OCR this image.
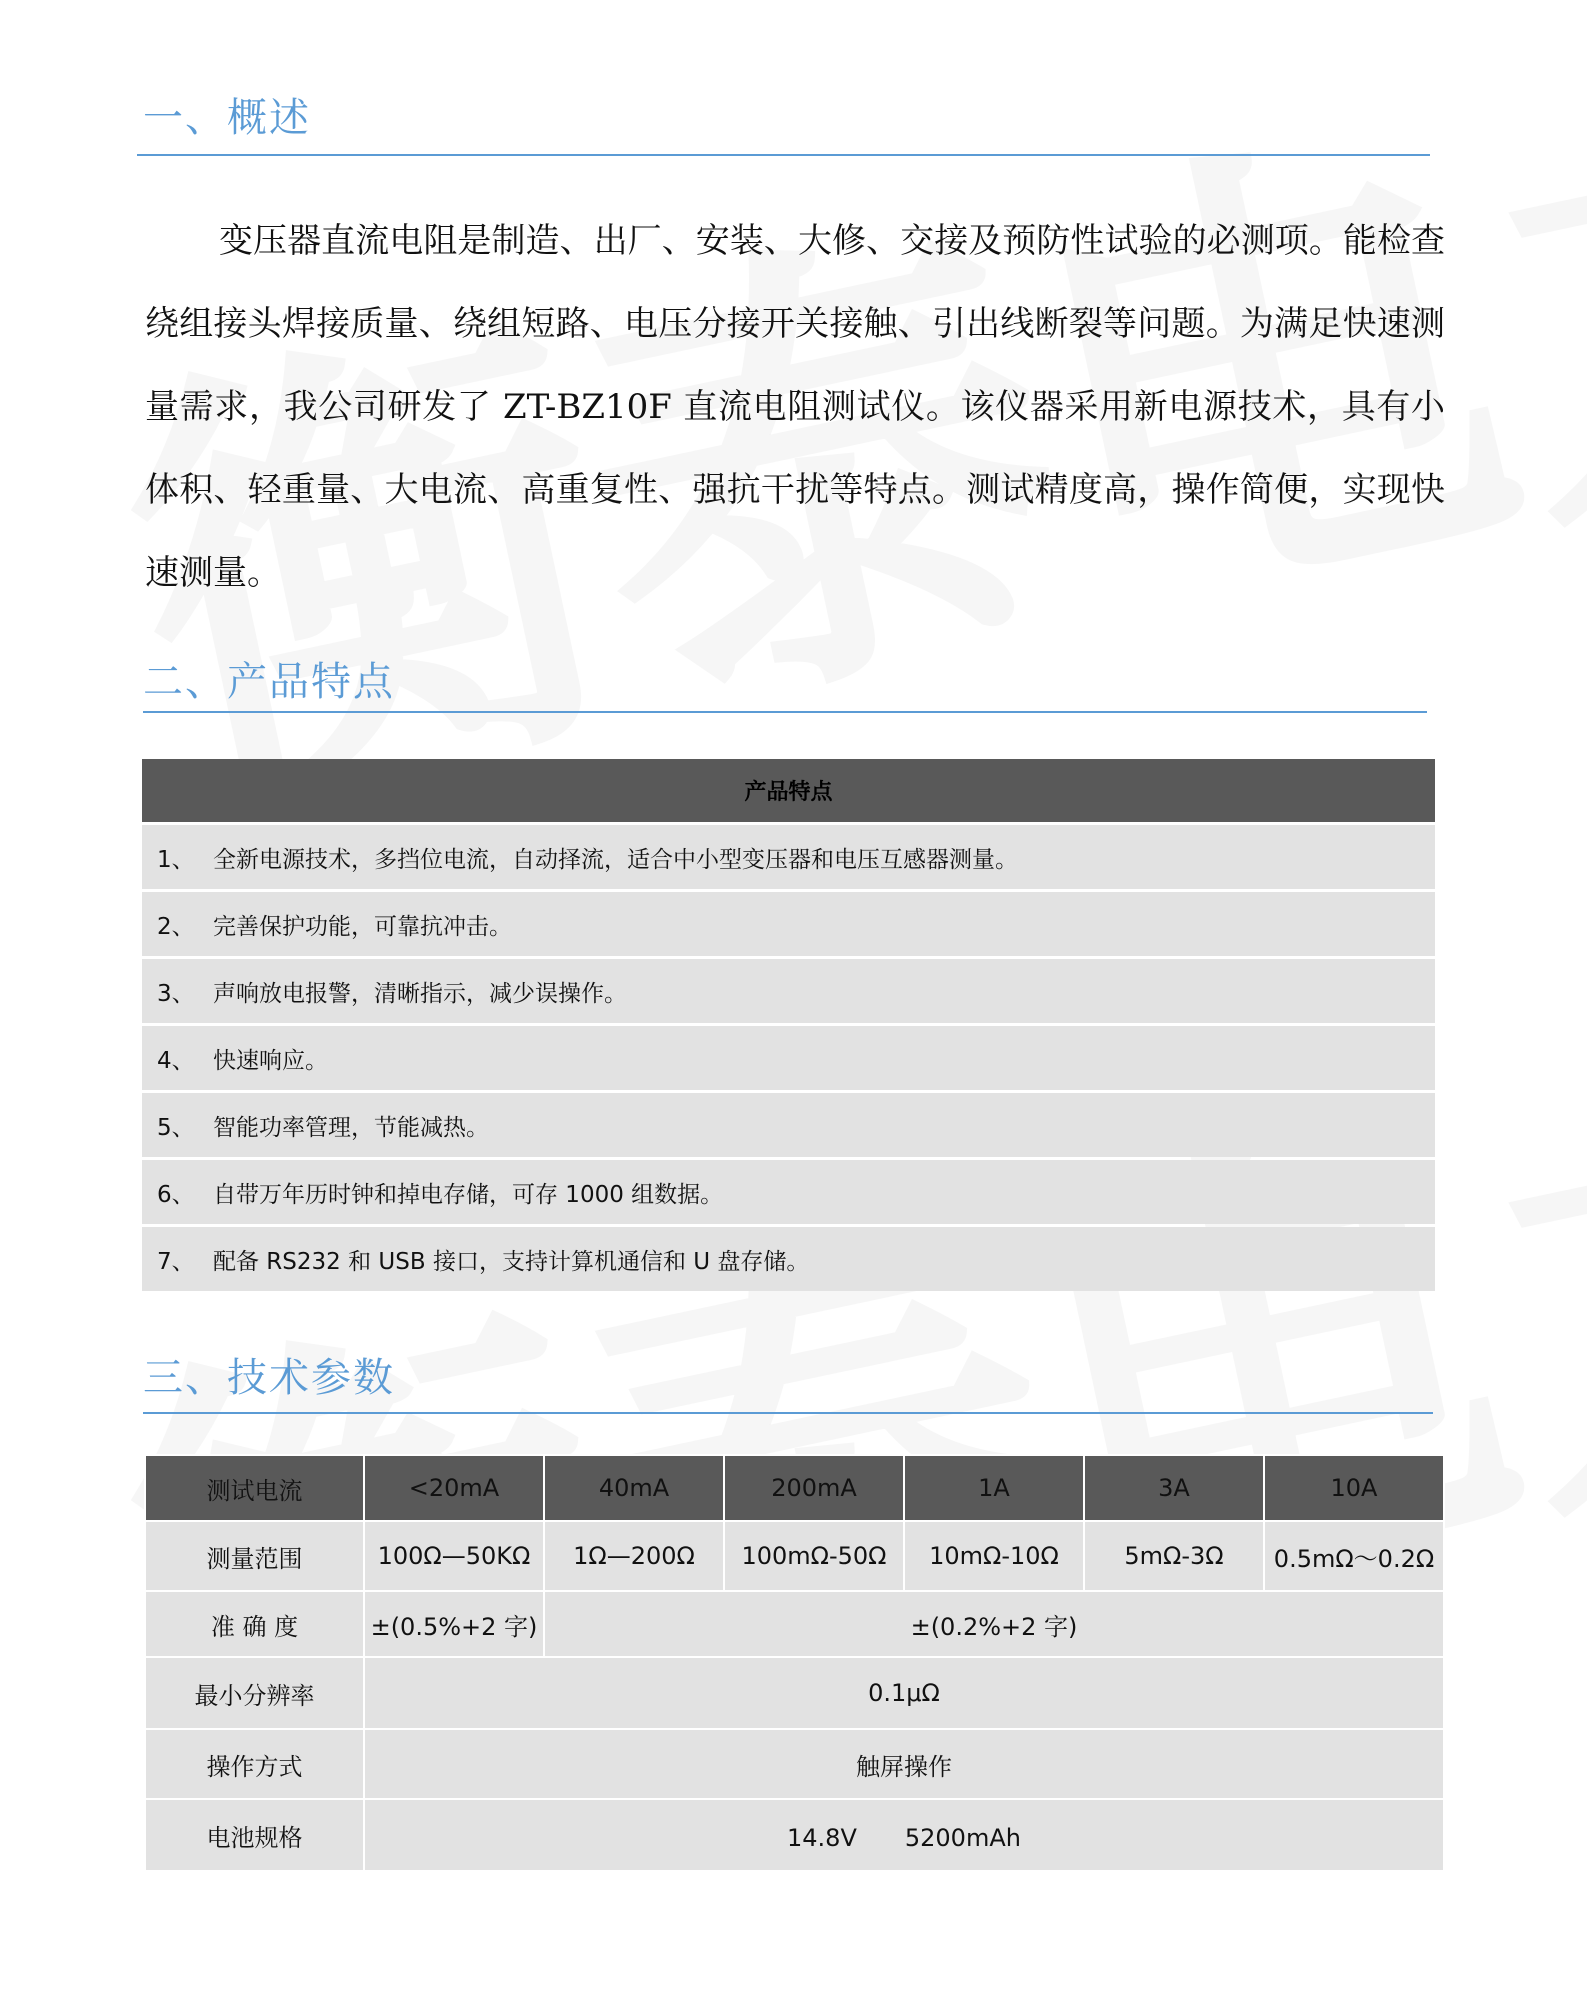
一、概述

变压器直流电阻是制造、出厂、安装、大修、交接及预防性试验的必测项。能检查绕组接头焊接质量、绕组短路、电压分接开关接触、引出线断裂等问题。为满足快速测量需求，我公司研发了 ZT-BZ10F 直流电阻测试仪。该仪器采用新电源技术，具有小体积、轻重量、大电流、高重复性、强抗干扰等特点。测试精度高，操作简便，实现快速测量。

二、产品特点
产品特点
1、 全新电源技术，多挡位电流，自动择流，适合中小型变压器和电压互感器测量。
2、 完善保护功能，可靠抗冲击。
3、 声响放电报警，清晰指示，减少误操作。
4、 快速响应。
5、 智能功率管理，节能减热。
6、 自带万年历时钟和掉电存储，可存 1000 组数据。
7、 配备 RS232 和 USB 接口，支持计算机通信和 U 盘存储。
三、技术参数
测试电流	<20mA	40mA	200mA	1A	3A	10A
测量范围	100Ω—50KΩ	1Ω—200Ω	100mΩ-50Ω	10mΩ-10Ω	5mΩ-3Ω	0.5mΩ～0.2Ω
准 确 度	±(0.5%+2 字)	±(0.2%+2 字)				
最小分辨率	0.1μΩ					
操作方式	触屏操作					
电池规格	14.8V　　5200mAh					
